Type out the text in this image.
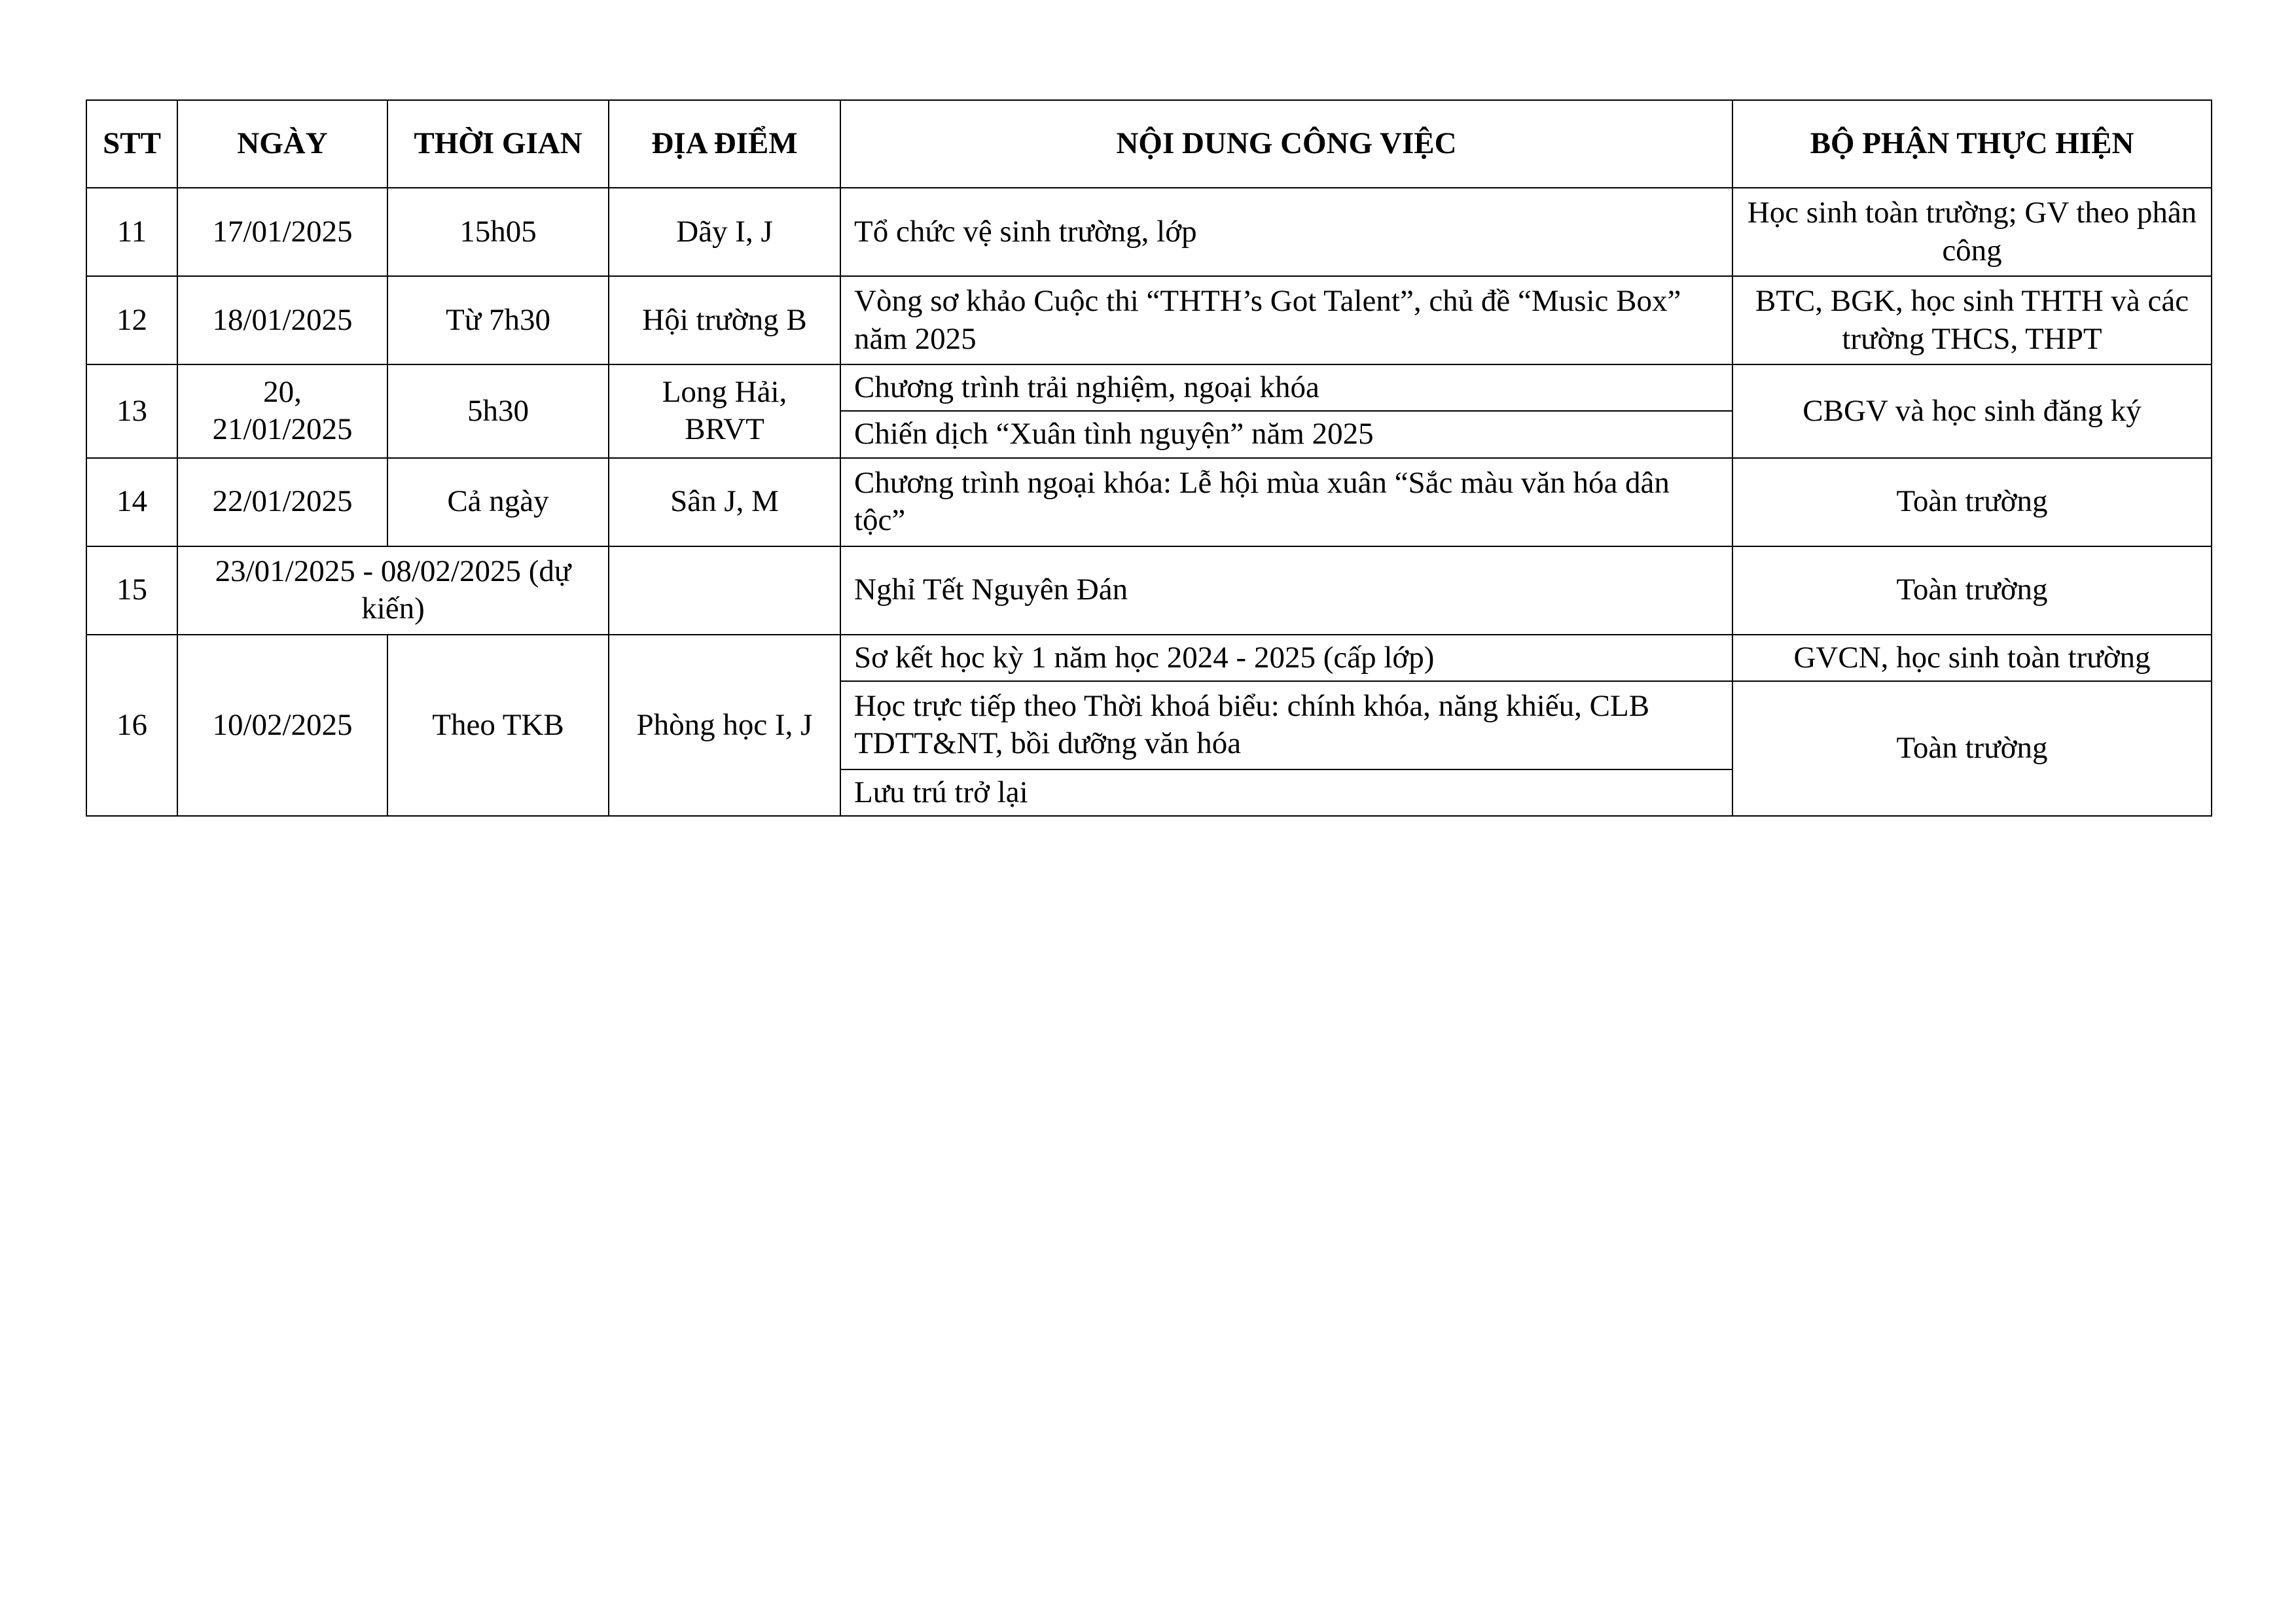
STT	NGÀY	THỜI GIAN	ĐỊA ĐIỂM	NỘI DUNG CÔNG VIỆC	BỘ PHẬN THỰC HIỆN
11	17/01/2025	15h05	Dãy I, J	Tổ chức vệ sinh trường, lớp	Học sinh toàn trường; GV theo phân công
12	18/01/2025	Từ 7h30	Hội trường B	Vòng sơ khảo Cuộc thi “THTH’s Got Talent”, chủ đề “Music Box” năm 2025	BTC, BGK, học sinh THTH và các trường THCS, THPT
13	20, 21/01/2025	5h30	Long Hải, BRVT	Chương trình trải nghiệm, ngoại khóa	CBGV và học sinh đăng ký
				Chiến dịch “Xuân tình nguyện” năm 2025	
14	22/01/2025	Cả ngày	Sân J, M	Chương trình ngoại khóa: Lễ hội mùa xuân “Sắc màu văn hóa dân tộc”	Toàn trường
15	23/01/2025 - 08/02/2025 (dự kiến)			Nghỉ Tết Nguyên Đán	Toàn trường
16	10/02/2025	Theo TKB	Phòng học I, J	Sơ kết học kỳ 1 năm học 2024 - 2025 (cấp lớp)	GVCN, học sinh toàn trường
				Học trực tiếp theo Thời khoá biểu: chính khóa, năng khiếu, CLB TDTT&NT, bồi dưỡng văn hóa	Toàn trường
				Lưu trú trở lại	
